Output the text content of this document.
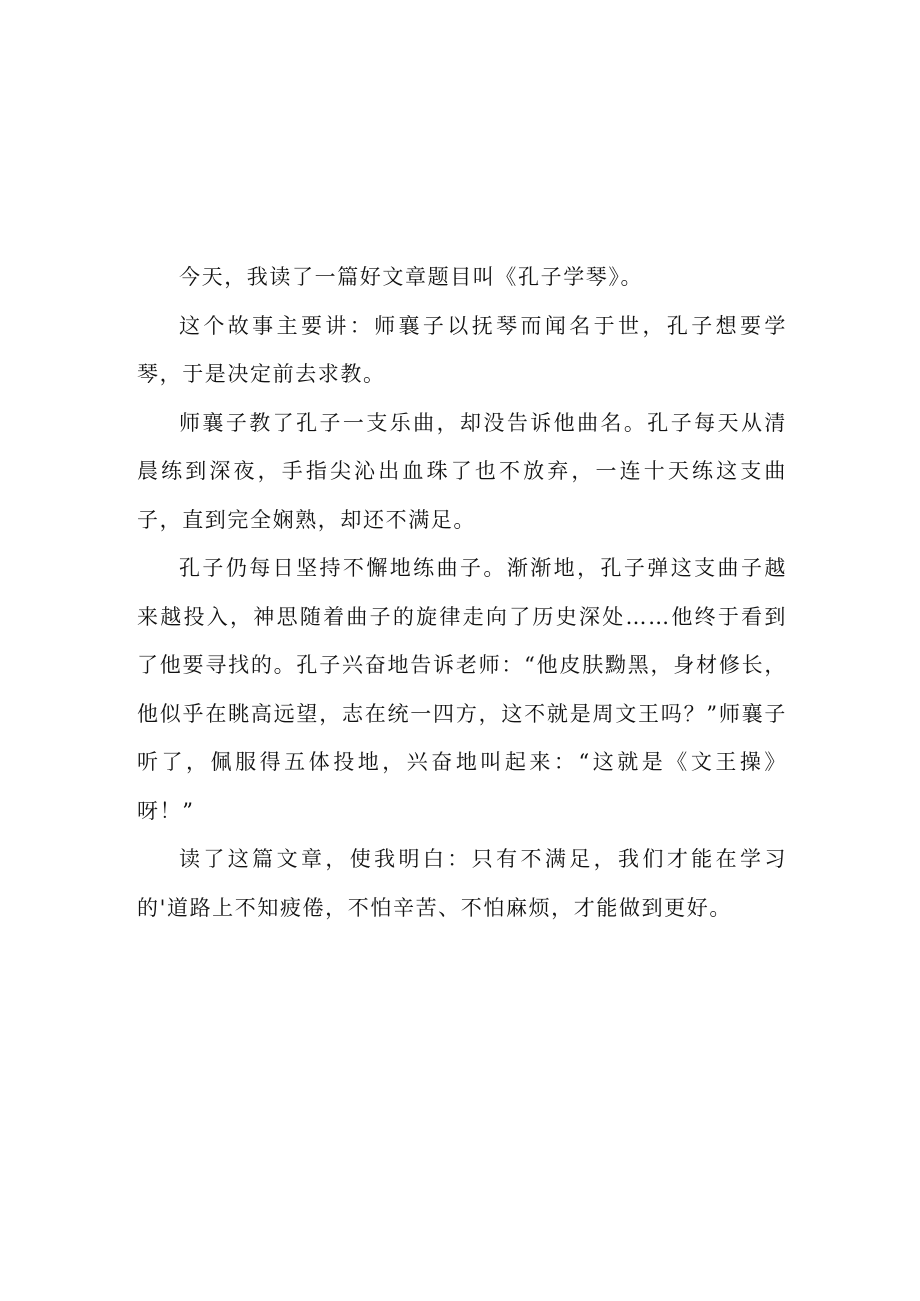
今天，我读了一篇好文章题目叫《孔子学琴》。

这个故事主要讲：师襄子以抚琴而闻名于世，孔子想要学琴，于是决定前去求教。

师襄子教了孔子一支乐曲，却没告诉他曲名。孔子每天从清晨练到深夜，手指尖沁出血珠了也不放弃，一连十天练这支曲子，直到完全娴熟，却还不满足。

孔子仍每日坚持不懈地练曲子。渐渐地，孔子弹这支曲子越来越投入，神思随着曲子的旋律走向了历史深处……他终于看到了他要寻找的。孔子兴奋地告诉老师：“他皮肤黝黑，身材修长，他似乎在眺高远望，志在统一四方，这不就是周文王吗？”师襄子听了，佩服得五体投地，兴奋地叫起来：“这就是《文王操》呀！”

读了这篇文章，使我明白：只有不满足，我们才能在学习的'道路上不知疲倦，不怕辛苦、不怕麻烦，才能做到更好。
